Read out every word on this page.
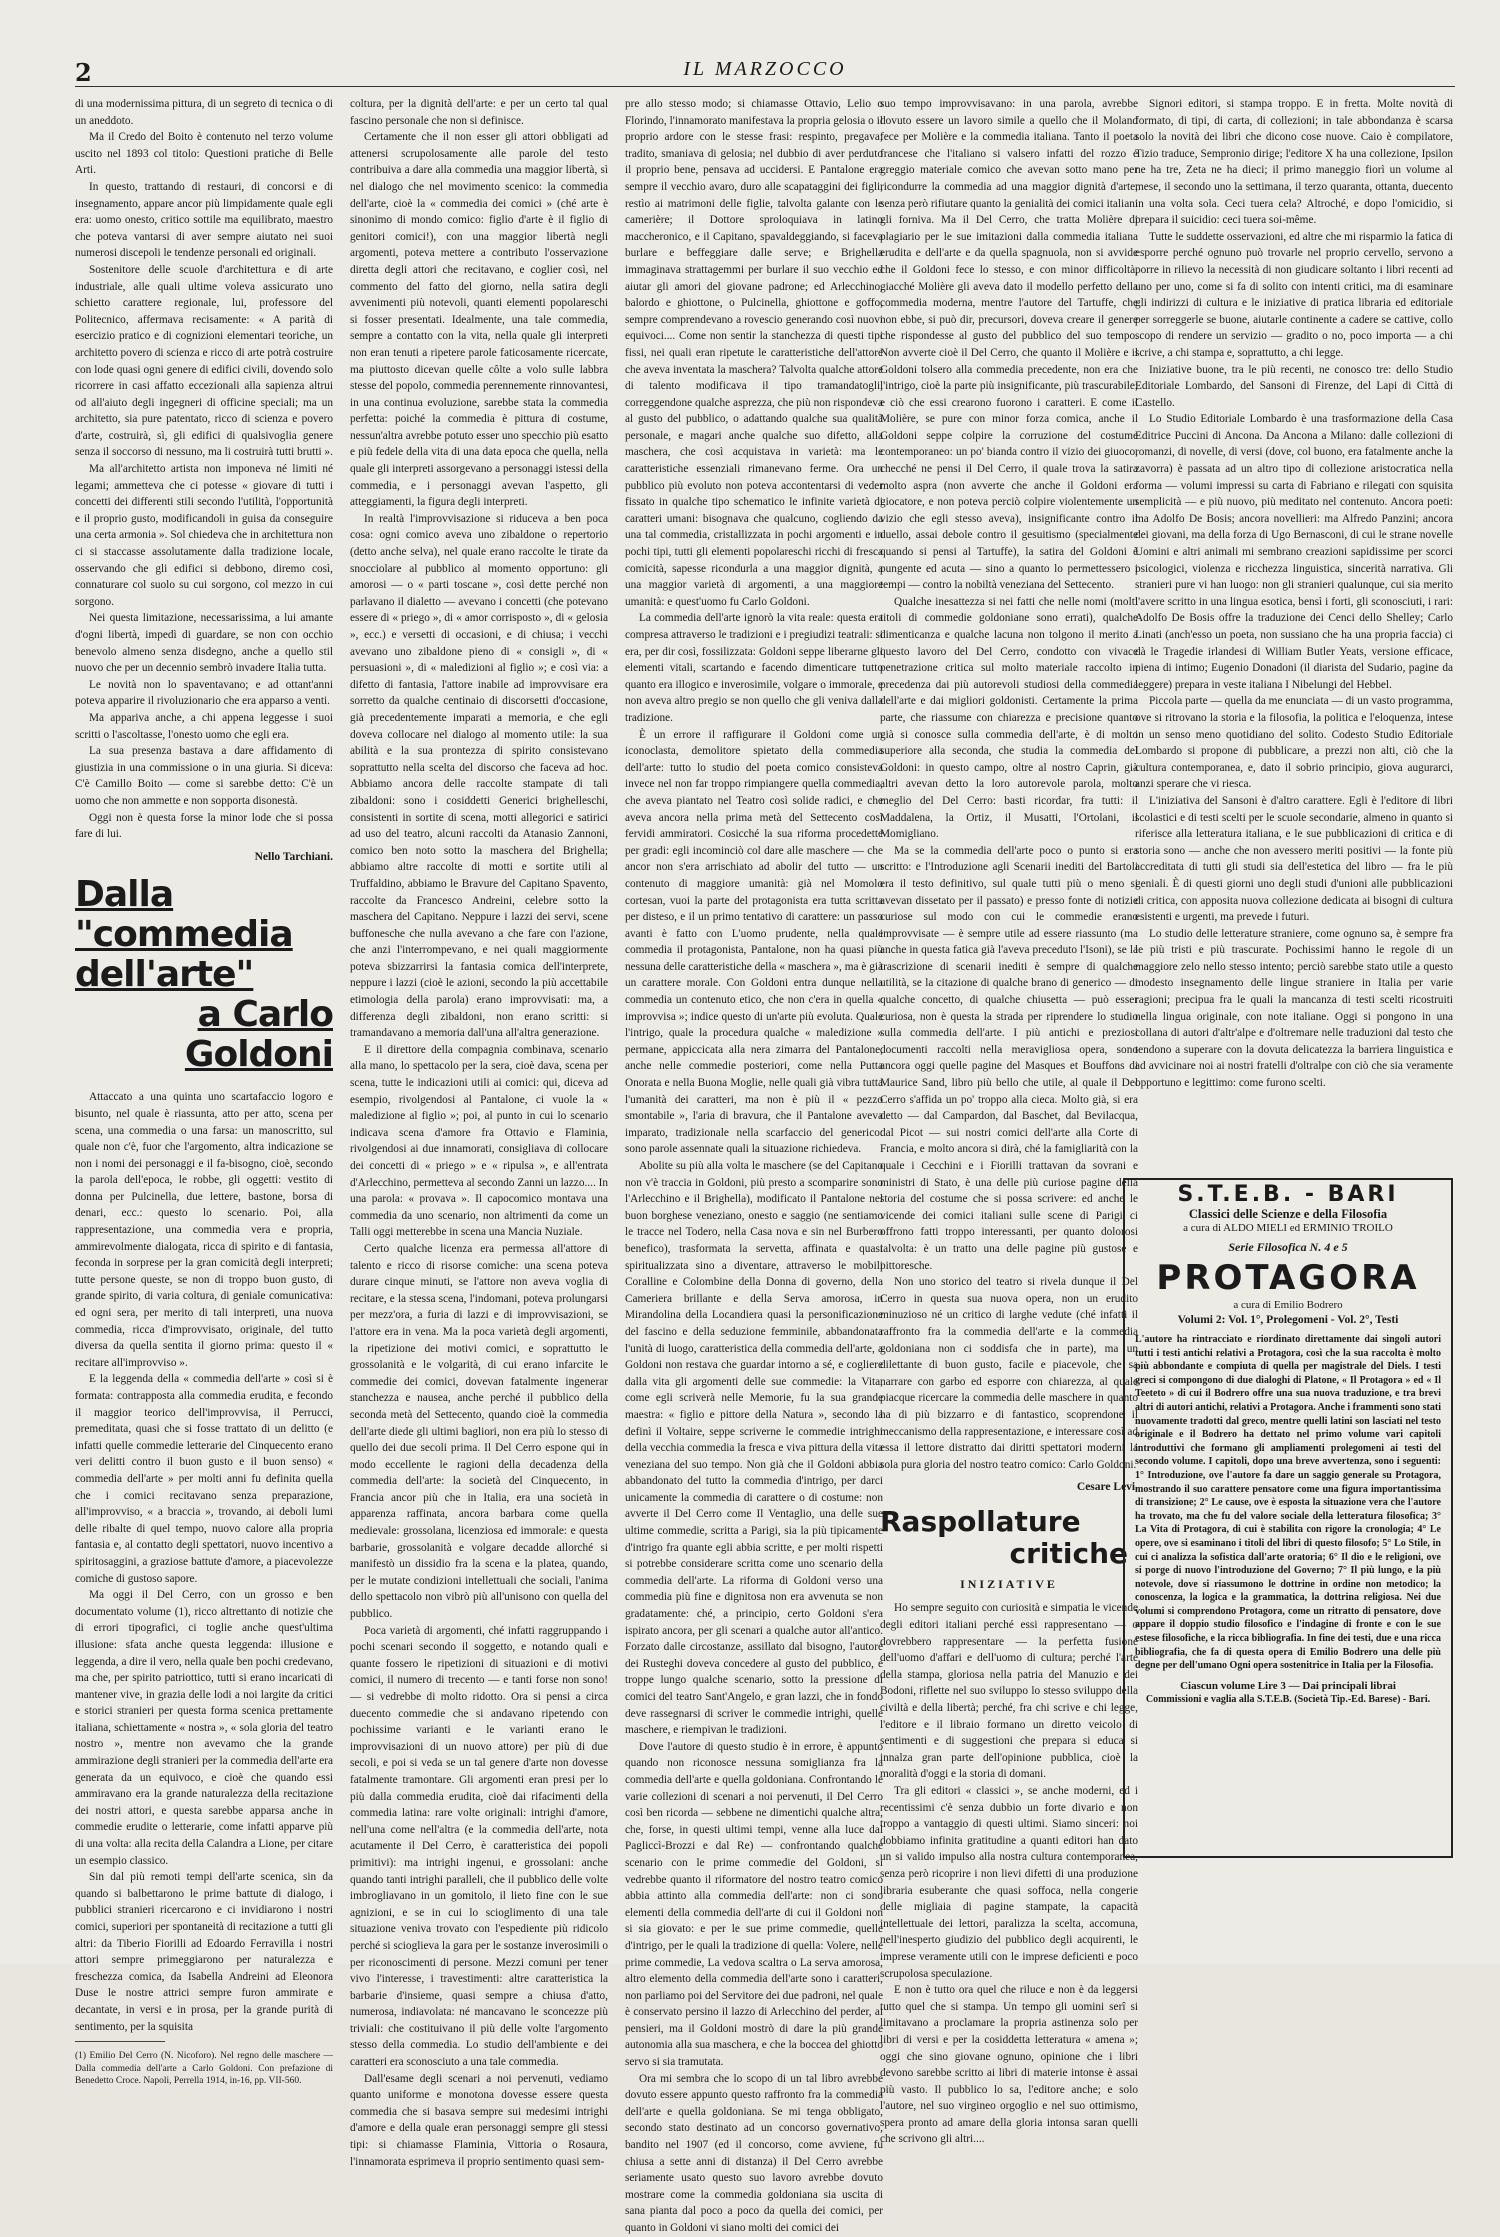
2	IL MARZOCCO

di una modernissima pittura, di un segreto di tecnica o di un aneddoto.

Ma il Credo del Boito è contenuto nel terzo volume uscito nel 1893 col titolo: Questioni pratiche di Belle Arti.

In questo, trattando di restauri, di concorsi e di insegnamento, appare ancor più limpidamente quale egli era: uomo onesto, critico sottile ma equilibrato, maestro che poteva vantarsi di aver sempre aiutato nei suoi numerosi discepoli le tendenze personali ed originali.

Sostenitore delle scuole d'architettura e di arte industriale, alle quali ultime voleva assicurato uno schietto carattere regionale, lui, professore del Politecnico, affermava recisamente: « A parità di esercizio pratico e di cognizioni elementari teoriche, un architetto povero di scienza e ricco di arte potrà costruire con lode quasi ogni genere di edifici civili, dovendo solo ricorrere in casi affatto eccezionali alla sapienza altrui od all'aiuto degli ingegneri di officine speciali; ma un architetto, sia pure patentato, ricco di scienza e povero d'arte, costruirà, sì, gli edifici di qualsivoglia genere senza il soccorso di nessuno, ma li costruirà tutti brutti ».

Ma all'architetto artista non imponeva né limiti né legami; ammetteva che ci potesse « giovare di tutti i concetti dei differenti stili secondo l'utilità, l'opportunità e il proprio gusto, modificandoli in guisa da conseguire una certa armonia ». Sol chiedeva che in architettura non ci si staccasse assolutamente dalla tradizione locale, osservando che gli edifici si debbono, diremo così, connaturare col suolo su cui sorgono, col mezzo in cui sorgono.

Nei questa limitazione, necessarissima, a lui amante d'ogni libertà, impedì di guardare, se non con occhio benevolo almeno senza disdegno, anche a quello stil nuovo che per un decennio sembrò invadere Italia tutta.

Le novità non lo spaventavano; e ad ottant'anni poteva apparire il rivoluzionario che era apparso a venti.

Ma appariva anche, a chi appena leggesse i suoi scritti o l'ascoltasse, l'onesto uomo che egli era.

La sua presenza bastava a dare affidamento di giustizia in una commissione o in una giuria. Si diceva: C'è Camillo Boito — come si sarebbe detto: C'è un uomo che non ammette e non sopporta disonestà.

Oggi non è questa forse la minor lode che si possa fare di lui.

Nello Tarchiani.
Dalla "commedia dell'arte"
a Carlo Goldoni

Attaccato a una quinta uno scartafaccio logoro e bisunto, nel quale è riassunta, atto per atto, scena per scena, una commedia o una farsa: un manoscritto, sul quale non c'è, fuor che l'argomento, altra indicazione se non i nomi dei personaggi e il fa-bisogno, cioè, secondo la parola dell'epoca, le robbe, gli oggetti: vestito di donna per Pulcinella, due lettere, bastone, borsa di denari, ecc.: questo lo scenario. Poi, alla rappresentazione, una commedia vera e propria, ammirevolmente dialogata, ricca di spirito e di fantasia, feconda in sorprese per la gran comicità degli interpreti; tutte persone queste, se non di troppo buon gusto, di grande spirito, di varia coltura, di geniale comunicativa: ed ogni sera, per merito di tali interpreti, una nuova commedia, ricca d'improvvisato, originale, del tutto diversa da quella sentita il giorno prima: questo il « recitare all'improvviso ».

E la leggenda della « commedia dell'arte » così si è formata: contrapposta alla commedia erudita, e fecondo il maggior teorico dell'improvvisa, il Perrucci, premeditata, quasi che si fosse trattato di un delitto (e infatti quelle commedie letterarie del Cinquecento erano veri delitti contro il buon gusto e il buon senso) « commedia dell'arte » per molti anni fu definita quella che i comici recitavano senza preparazione, all'improvviso, « a braccia », trovando, ai deboli lumi delle ribalte di quel tempo, nuovo calore alla propria fantasia e, al contatto degli spettatori, nuovo incentivo a spiritosaggini, a graziose battute d'amore, a piacevolezze comiche di gustoso sapore.

Ma oggi il Del Cerro, con un grosso e ben documentato volume (1), ricco altrettanto di notizie che di errori tipografici, ci toglie anche quest'ultima illusione: sfata anche questa leggenda: illusione e leggenda, a dire il vero, nella quale ben pochi credevano, ma che, per spirito patriottico, tutti si erano incaricati di mantener vive, in grazia delle lodi a noi largite da critici e storici stranieri per questa forma scenica prettamente italiana, schiettamente « nostra », « sola gloria del teatro nostro », mentre non avevamo che la grande ammirazione degli stranieri per la commedia dell'arte era generata da un equivoco, e cioè che quando essi ammiravano era la grande naturalezza della recitazione dei nostri attori, e questa sarebbe apparsa anche in commedie erudite o letterarie, come infatti apparve più di una volta: alla recita della Calandra a Lione, per citare un esempio classico.

Sin dal più remoti tempi dell'arte scenica, sin da quando si balbettarono le prime battute di dialogo, i pubblici stranieri ricercarono e ci invidiarono i nostri comici, superiori per spontaneità di recitazione a tutti gli altri: da Tiberio Fiorilli ad Edoardo Ferravilla i nostri attori sempre primeggiarono per naturalezza e freschezza comica, da Isabella Andreini ad Eleonora Duse le nostre attrici sempre furon ammirate e decantate, in versi e in prosa, per la grande purità di sentimento, per la squisita

(1) Emilio Del Cerro (N. Nicoforo). Nel regno delle maschere — Dalla commedia dell'arte a Carlo Goldoni. Con prefazione di Benedetto Croce. Napoli, Perrella 1914, in-16, pp. VII-560.

coltura, per la dignità dell'arte: e per un certo tal qual fascino personale che non si definisce.

Certamente che il non esser gli attori obbligati ad attenersi scrupolosamente alle parole del testo contribuiva a dare alla commedia una maggior libertà, sì nel dialogo che nel movimento scenico: la commedia dell'arte, cioè la « commedia dei comici » (ché arte è sinonimo di mondo comico: figlio d'arte è il figlio di genitori comici!), con una maggior libertà negli argomenti, poteva mettere a contributo l'osservazione diretta degli attori che recitavano, e coglier così, nel commento del fatto del giorno, nella satira degli avvenimenti più notevoli, quanti elementi popolareschi si fosser presentati. Idealmente, una tale commedia, sempre a contatto con la vita, nella quale gli interpreti non eran tenuti a ripetere parole faticosamente ricercate, ma piuttosto dicevan quelle côlte a volo sulle labbra stesse del popolo, commedia perennemente rinnovantesi, in una continua evoluzione, sarebbe stata la commedia perfetta: poiché la commedia è pittura di costume, nessun'altra avrebbe potuto esser uno specchio più esatto e più fedele della vita di una data epoca che quella, nella quale gli interpreti assorgevano a personaggi istessi della commedia, e i personaggi avevan l'aspetto, gli atteggiamenti, la figura degli interpreti.

In realtà l'improvvisazione si riduceva a ben poca cosa: ogni comico aveva uno zibaldone o repertorio (detto anche selva), nel quale erano raccolte le tirate da snocciolare al pubblico al momento opportuno: gli amorosi — o « parti toscane », così dette perché non parlavano il dialetto — avevano i concetti (che potevano essere di « priego », di « amor corrisposto », di « gelosia », ecc.) e versetti di occasioni, e di chiusa; i vecchi avevano uno zibaldone pieno di « consigli », di « persuasioni », di « maledizioni al figlio »; e così via: a difetto di fantasia, l'attore inabile ad improvvisare era sorretto da qualche centinaio di discorsetti d'occasione, già precedentemente imparati a memoria, e che egli doveva collocare nel dialogo al momento utile: la sua abilità e la sua prontezza di spirito consistevano soprattutto nella scelta del discorso che faceva ad hoc. Abbiamo ancora delle raccolte stampate di tali zibaldoni: sono i cosiddetti Generici brighelleschi, consistenti in sortite di scena, motti allegorici e satirici ad uso del teatro, alcuni raccolti da Atanasio Zannoni, comico ben noto sotto la maschera del Brighella; abbiamo altre raccolte di motti e sortite utili al Truffaldino, abbiamo le Bravure del Capitano Spavento, raccolte da Francesco Andreini, celebre sotto la maschera del Capitano. Neppure i lazzi dei servi, scene buffonesche che nulla avevano a che fare con l'azione, che anzi l'interrompevano, e nei quali maggiormente poteva sbizzarrirsi la fantasia comica dell'interprete, neppure i lazzi (cioè le azioni, secondo la più accettabile etimologia della parola) erano improvvisati: ma, a differenza degli zibaldoni, non erano scritti: si tramandavano a memoria dall'una all'altra generazione.

E il direttore della compagnia combinava, scenario alla mano, lo spettacolo per la sera, cioè dava, scena per scena, tutte le indicazioni utili ai comici: qui, diceva ad esempio, rivolgendosi al Pantalone, ci vuole la « maledizione al figlio »; poi, al punto in cui lo scenario indicava scena d'amore fra Ottavio e Flaminia, rivolgendosi ai due innamorati, consigliava di collocare dei concetti di « priego » e « ripulsa », e all'entrata d'Arlecchino, permetteva al secondo Zanni un lazzo.... In una parola: « provava ». Il capocomico montava una commedia da uno scenario, non altrimenti da come un Talli oggi metterebbe in scena una Mancia Nuziale.

Certo qualche licenza era permessa all'attore di talento e ricco di risorse comiche: una scena poteva durare cinque minuti, se l'attore non aveva voglia di recitare, e la stessa scena, l'indomani, poteva prolungarsi per mezz'ora, a furia di lazzi e di improvvisazioni, se l'attore era in vena. Ma la poca varietà degli argomenti, la ripetizione dei motivi comici, e soprattutto le grossolanità e le volgarità, di cui erano infarcite le commedie dei comici, dovevan fatalmente ingenerar stanchezza e nausea, anche perché il pubblico della seconda metà del Settecento, quando cioè la commedia dell'arte diede gli ultimi bagliori, non era più lo stesso di quello dei due secoli prima. Il Del Cerro espone qui in modo eccellente le ragioni della decadenza della commedia dell'arte: la società del Cinquecento, in Francia ancor più che in Italia, era una società in apparenza raffinata, ancora barbara come quella medievale: grossolana, licenziosa ed immorale: e questa barbarie, grossolanità e volgare decadde allorché si manifestò un dissidio fra la scena e la platea, quando, per le mutate condizioni intellettuali che sociali, l'anima dello spettacolo non vibrò più all'unisono con quella del pubblico.

Poca varietà di argomenti, ché infatti raggruppando i pochi scenari secondo il soggetto, e notando quali e quante fossero le ripetizioni di situazioni e di motivi comici, il numero di trecento — e tanti forse non sono! — si vedrebbe di molto ridotto. Ora si pensi a circa duecento commedie che si andavano ripetendo con pochissime varianti e le varianti erano le improvvisazioni di un nuovo attore) per più di due secoli, e poi si veda se un tal genere d'arte non dovesse fatalmente tramontare. Gli argomenti eran presi per lo più dalla commedia erudita, cioè dai rifacimenti della commedia latina: rare volte originali: intrighi d'amore, nell'una come nell'altra (e la commedia dell'arte, nota acutamente il Del Cerro, è caratteristica dei popoli primitivi): ma intrighi ingenui, e grossolani: anche quando tanti intrighi paralleli, che il pubblico delle volte imbrogliavano in un gomitolo, il lieto fine con le sue agnizioni, e se in cui lo scioglimento di una tale situazione veniva trovato con l'espediente più ridicolo perché si scioglieva la gara per le sostanze inverosimili o per riconoscimenti di persone. Mezzi comuni per tener vivo l'interesse, i travestimenti: altre caratteristica la barbarie d'insieme, quasi sempre a chiusa d'atto, numerosa, indiavolata: né mancavano le sconcezze più triviali: che costituivano il più delle volte l'argomento stesso della commedia. Lo studio dell'ambiente e dei caratteri era sconosciuto a una tale commedia.

Dall'esame degli scenari a noi pervenuti, vediamo quanto uniforme e monotona dovesse essere questa commedia che si basava sempre sui medesimi intrighi d'amore e della quale eran personaggi sempre gli stessi tipi: si chiamasse Flaminia, Vittoria o Rosaura, l'innamorata esprimeva il proprio sentimento quasi sem-

pre allo stesso modo; si chiamasse Ottavio, Lelio o Florindo, l'innamorato manifestava la propria gelosia o il proprio ardore con le stesse frasi: respinto, pregava; tradito, smaniava di gelosia; nel dubbio di aver perduto il proprio bene, pensava ad uccidersi. E Pantalone era sempre il vecchio avaro, duro alle scapataggini dei figli, restìo ai matrimoni delle figlie, talvolta galante con le camerière; il Dottore sproloquiava in latino maccheronico, e il Capitano, spavaldeggiando, si faceva burlare e beffeggiare dalle serve; e Brighella immaginava strattagemmi per burlare il suo vecchio ed aiutar gli amori del giovane padrone; ed Arlecchino, balordo e ghiottone, o Pulcinella, ghiottone e goffo, sempre comprendevano a rovescio generando così nuovi equivoci.... Come non sentir la stanchezza di questi tipi fissi, nei quali eran ripetute le caratteristiche dell'attore che aveva inventata la maschera? Talvolta qualche attore di talento modificava il tipo tramandatogli, correggendone qualche asprezza, che più non rispondeva al gusto del pubblico, o adattando qualche sua qualità personale, e magari anche qualche suo difetto, alla maschera, che così acquistava in varietà: ma le caratteristiche essenziali rimanevano ferme. Ora un pubblico più evoluto non poteva accontentarsi di veder fissato in qualche tipo schematico le infinite varietà di caratteri umani: bisognava che qualcuno, cogliendo da una tal commedia, cristallizzata in pochi argomenti e in pochi tipi, tutti gli elementi popolareschi ricchi di fresca comicità, sapesse ricondurla a una maggior dignità, a una maggior varietà di argomenti, a una maggiore umanità: e quest'uomo fu Carlo Goldoni.

La commedia dell'arte ignorò la vita reale: questa era compresa attraverso le tradizioni e i pregiudizi teatrali: si era, per dir così, fossilizzata: Goldoni seppe liberarne gli elementi vitali, scartando e facendo dimenticare tutto quanto era illogico e inverosimile, volgare o immorale, e non aveva altro pregio se non quello che gli veniva dalla tradizione.

È un errore il raffigurare il Goldoni come un iconoclasta, demolitore spietato della commedia dell'arte: tutto lo studio del poeta comico consisteva invece nel non far troppo rimpiangere quella commedia, che aveva piantato nel Teatro così solide radici, e che aveva ancora nella prima metà del Settecento così fervidi ammiratori. Cosicché la sua riforma procedette per gradi: egli incominciò col dare alle maschere — che ancor non s'era arrischiato ad abolir del tutto — un contenuto di maggiore umanità: già nel Momolo cortesan, vuoi la parte del protagonista era tutta scritta per disteso, e il un primo tentativo di carattere: un passo avanti è fatto con L'uomo prudente, nella quale commedia il protagonista, Pantalone, non ha quasi più nessuna delle caratteristiche della « maschera », ma è già un carattere morale. Con Goldoni entra dunque nella commedia un contenuto etico, che non c'era in quella « improvvisa »; indice questo di un'arte più evoluta. Quale l'intrigo, quale la procedura qualche « maledizione » permane, appiccicata alla nera zimarra del Pantalone, anche nelle commedie posteriori, come nella Putta Onorata e nella Buona Moglie, nelle quali già vibra tutta l'umanità dei caratteri, ma non è più il « pezzo smontabile », l'aria di bravura, che il Pantalone aveva imparato, tradizionale nella scarfaccio del generico: sono parole assennate quali la situazione richiedeva.

Abolite su più alla volta le maschere (se del Capitano non v'è traccia in Goldoni, più presto a scomparire sono l'Arlecchino e il Brighella), modificato il Pantalone nel buon borghese veneziano, onesto e saggio (ne sentiamo le tracce nel Todero, nella Casa nova e sin nel Burbero benefico), trasformata la servetta, affinata e quasi spiritualizzata sino a diventare, attraverso le mobili Coralline e Colombine della Donna di governo, della Cameriera brillante e della Serva amorosa, in Mirandolina della Locandiera quasi la personificazione del fascino e della seduzione femminile, abbandonata l'unità di luogo, caratteristica della commedia dell'arte, a Goldoni non restava che guardar intorno a sé, e cogliere dalla vita gli argomenti delle sue commedie: la Vita, come egli scriverà nelle Memorie, fu la sua grande maestra: « figlio e pittore della Natura », secondo la definì il Voltaire, seppe scriverne le commedie intrighi della vecchia commedia la fresca e viva pittura della vita veneziana del suo tempo. Non già che il Goldoni abbia abbandonato del tutto la commedia d'intrigo, per darci unicamente la commedia di carattere o di costume: non avverte il Del Cerro come Il Ventaglio, una delle sue ultime commedie, scritta a Parigi, sia la più tipicamente d'intrigo fra quante egli abbia scritte, e per molti rispetti si potrebbe considerare scritta come uno scenario della commedia dell'arte. La riforma di Goldoni verso una commedia più fine e dignitosa non era avvenuta se non gradatamente: ché, a principio, certo Goldoni s'era ispirato ancora, per gli scenari a qualche autor all'antico. Forzato dalle circostanze, assillato dal bisogno, l'autore dei Rusteghi doveva concedere al gusto del pubblico, e troppe lungo qualche scenario, sotto la pressione di comici del teatro Sant'Angelo, e gran lazzi, che in fondo deve rassegnarsi di scriver le commedie intrighi, quelle maschere, e riempivan le tradizioni.

Dove l'autore di questo studio è in errore, è appunto quando non riconosce nessuna somiglianza fra la commedia dell'arte e quella goldoniana. Confrontando le varie collezioni di scenari a noi pervenuti, il Del Cerro così ben ricorda — sebbene ne dimentichi qualche altra, che, forse, in questi ultimi tempi, venne alla luce dal Pagliccì-Brozzi e dal Re) — confrontando qualche scenario con le prime commedie del Goldoni, si vedrebbe quanto il riformatore del nostro teatro comico abbia attinto alla commedia dell'arte: non ci sono elementi della commedia dell'arte di cui il Goldoni non si sia giovato: e per le sue prime commedie, quelle d'intrigo, per le quali la tradizione di quella: Volere, nelle prime commedie, La vedova scaltra o La serva amorosa, altro elemento della commedia dell'arte sono i caratteri, non parliamo poi del Servitore dei due padroni, nel quale è conservato persino il lazzo di Arlecchino del perder, ai pensieri, ma il Goldoni mostrò di dare la più grande autonomia alla sua maschera, e che la boccea del ghiotto servo si sia tramutata.

Ora mi sembra che lo scopo di un tal libro avrebbe dovuto essere appunto questo raffronto fra la commedia dell'arte e quella goldoniana. Se mi tenga obbligato, secondo stato destinato ad un concorso governativo, bandito nel 1907 (ed il concorso, come avviene, fu chiusa a sette anni di distanza) il Del Cerro avrebbe seriamente usato questo suo lavoro avrebbe dovuto mostrare come la commedia goldoniana sia uscita di sana pianta dal poco a poco da quella dei comici, per quanto in Goldoni vi siano molti dei comici dei

suo tempo improvvisavano: in una parola, avrebbe dovuto essere un lavoro simile a quello che il Moland fece per Molière e la commedia italiana. Tanto il poeta francese che l'italiano si valsero infatti del rozzo e greggio materiale comico che avevan sotto mano per ricondurre la commedia ad una maggior dignità d'arte, senza però rifiutare quanto la genialità dei comici italiani gli forniva. Ma il Del Cerro, che tratta Molière di plagiario per le sue imitazioni dalla commedia italiana erudita e dell'arte e da quella spagnuola, non si avvide che il Goldoni fece lo stesso, e con minor difficoltà, giacché Molière gli aveva dato il modello perfetto della commedia moderna, mentre l'autore del Tartuffe, che non ebbe, si può dir, precursori, doveva creare il genere che rispondesse al gusto del pubblico del suo tempo. Non avverte cioè il Del Cerro, che quanto il Molière e il Goldoni tolsero alla commedia precedente, non era che l'intrigo, cioè la parte più insignificante, più trascurabile; e ciò che essi crearono fuorono i caratteri. E come il Molière, se pure con minor forza comica, anche il Goldoni seppe colpire la corruzione del costume contemporaneo: un po' bianda contro il vizio dei giuoco, checché ne pensi il Del Cerro, il quale trova la satira molto aspra (non avverte che anche il Goldoni era giocatore, e non poteva perciò colpire violentemente un vizio che egli stesso aveva), insignificante contro il duello, assai debole contro il gesuitismo (specialmente quando si pensi al Tartuffe), la satira del Goldoni è pungente ed acuta — sino a quanto lo permettessero i tempi — contro la nobiltà veneziana del Settecento.

Qualche inesattezza si nei fatti che nelle nomi (molti titoli di commedie goldoniane sono errati), qualche dimenticanza e qualche lacuna non tolgono il merito a questo lavoro del Del Cerro, condotto con vivace penetrazione critica sul molto materiale raccolto in precedenza dai più autorevoli studiosi della commedia dell'arte e dai migliori goldonisti. Certamente la prima parte, che riassume con chiarezza e precisione quanto già si conosce sulla commedia dell'arte, è di molto superiore alla seconda, che studia la commedia del Goldoni: in questo campo, oltre al nostro Caprin, già altri avevan detto la loro autorevole parola, molto meglio del Del Cerro: basti ricordar, fra tutti: il Maddalena, la Ortiz, il Musatti, l'Ortolani, il Momigliano.

Ma se la commedia dell'arte poco o punto si era scritto: e l'Introduzione agli Scenarii inediti del Bartoli era il testo definitivo, sul quale tutti più o meno si avevan dissetato per il passato) e presso fonte di notizie curiose sul modo con cui le commedie erano improvvisate — è sempre utile ad essere riassunto (ma anche in questa fatica già l'aveva preceduto l'Isoni), se la trascrizione di scenarii inediti è sempre di qualche utilità, se la citazione di qualche brano di generico — di qualche concetto, di qualche chiusetta — può esser curiosa, non è questa la strada per riprendere lo studio sulla commedia dell'arte. I più antichi e preziosi documenti raccolti nella meravigliosa opera, sono ancora oggi quelle pagine del Masques et Bouffons di Maurice Sand, libro più bello che utile, al quale il Del Cerro s'affida un po' troppo alla cieca. Molto già, si era detto — dal Campardon, dal Baschet, dal Bevilacqua, dal Picot — sui nostri comici dell'arte alla Corte di Francia, e molto ancora si dirà, ché la famigliarità con la quale i Cecchini e i Fiorilli trattavan da sovrani e ministri di Stato, è una delle più curiose pagine della storia del costume che si possa scrivere: ed anche le vicende dei comici italiani sulle scene di Parigi ci offrono fatti troppo interessanti, per quanto dolorosi talvolta: è un tratto una delle pagine più gustose e pittoresche.

Non uno storico del teatro si rivela dunque il Del Cerro in questa sua nuova opera, non un erudito minuzioso né un critico di larghe vedute (ché infatti il raffronto fra la commedia dell'arte e la commedia goldoniana non ci soddisfa che in parte), ma un dilettante di buon gusto, facile e piacevole, che sa narrare con garbo ed esporre con chiarezza, al quale piacque ricercare la commedia delle maschere in quanto ha di più bizzarro e di fantastico, scoprendone il meccanismo della rappresentazione, e interessare così ad essa il lettore distratto dai diritti spettatori moderni la sola pura gloria del nostro teatro comico: Carlo Goldoni.

Cesare Levi.
Raspollature
critiche
INIZIATIVE

Ho sempre seguito con curiosità e simpatia le vicende degli editori italiani perché essi rappresentano — o dovrebbero rappresentare — la perfetta fusione dell'uomo d'affari e dell'uomo di cultura; perché l'arte della stampa, gloriosa nella patria del Manuzio e dei Bodoni, riflette nel suo sviluppo lo stesso sviluppo della civiltà e della libertà; perché, fra chi scrive e chi legge, l'editore e il libraio formano un diretto veicolo di sentimenti e di suggestioni che prepara si educa si innalza gran parte dell'opinione pubblica, cioè la moralità d'oggi e la storia di domani.

Tra gli editori « classici », se anche moderni, ed i recentissimi c'è senza dubbio un forte divario e non troppo a vantaggio di questi ultimi. Siamo sinceri: noi dobbiamo infinita gratitudine a quanti editori han dato un si valido impulso alla nostra cultura contemporanea, senza però ricoprire i non lievi difetti di una produzione libraria esuberante che quasi soffoca, nella congerie delle migliaia di pagine stampate, la capacità intellettuale dei lettori, paralizza la scelta, accomuna, nell'inesperto giudizio del pubblico degli acquirenti, le imprese veramente utili con le imprese deficienti e poco scrupolosa speculazione.

E non è tutto ora quel che riluce e non è da leggersi tutto quel che si stampa. Un tempo gli uomini serî si limitavano a proclamare la propria astinenza solo per libri di versi e per la cosiddetta letteratura « amena »; oggi che sino giovane ognuno, opinione che i libri devono sarebbe scritto ai libri di materie intonse è assai più vasto. Il pubblico lo sa, l'editore anche; e solo l'autore, nel suo virgineo orgoglio e nel suo ottimismo, spera pronto ad amare della gloria intonsa saran quelli che scrivono gli altri....

Signori editori, si stampa troppo. E in fretta. Molte novità di formato, di tipi, di carta, di collezioni; in tale abbondanza è scarsa solo la novità dei libri che dicono cose nuove. Caio è compilatore, Tizio traduce, Sempronio dirige; l'editore X ha una collezione, Ipsilon ne ha tre, Zeta ne ha dieci; il primo maneggio fiorì un volume al mese, il secondo uno la settimana, il terzo quaranta, ottanta, duecento in una volta sola. Ceci tuera cela? Altroché, e dopo l'omicidio, si prepara il suicidio: ceci tuera soi-même.

Tutte le suddette osservazioni, ed altre che mi risparmio la fatica di esporre perché ognuno può trovarle nel proprio cervello, servono a porre in rilievo la necessità di non giudicare soltanto i libri recenti ad uno per uno, come si fa di solito con intenti critici, ma di esaminare gli indirizzi di cultura e le iniziative di pratica libraria ed editoriale per sorreggerle se buone, aiutarle continente a cadere se cattive, collo scopo di rendere un servizio — gradito o no, poco importa — a chi scrive, a chi stampa e, soprattutto, a chi legge.

Iniziative buone, tra le più recenti, ne conosco tre: dello Studio Editoriale Lombardo, del Sansoni di Firenze, del Lapi di Città di Castello.

Lo Studio Editoriale Lombardo è una trasformazione della Casa Editrice Puccini di Ancona. Da Ancona a Milano: dalle collezioni di romanzi, di novelle, di versi (dove, col buono, era fatalmente anche la zavorra) è passata ad un altro tipo di collezione aristocratica nella forma — volumi impressi su carta di Fabriano e rilegati con squisita semplicità — e più nuovo, più meditato nel contenuto. Ancora poeti: ma Adolfo De Bosis; ancora novellieri: ma Alfredo Panzini; ancora dei giovani, ma della forza di Ugo Bernasconi, di cui le strane novelle Uomini e altri animali mi sembrano creazioni sapidissime per scorci psicologici, violenza e ricchezza linguistica, sincerità narrativa. Gli stranieri pure vi han luogo: non gli stranieri qualunque, cui sia merito l'avere scritto in una lingua esotica, bensì i forti, gli sconosciuti, i rari: Adolfo De Bosis offre la traduzione dei Cenci dello Shelley; Carlo Linati (anch'esso un poeta, non sussiano che ha una propria faccia) ci dà le Tragedie irlandesi di William Butler Yeats, versione efficace, piena di intimo; Eugenio Donadoni (il diarista del Sudario, pagine da leggere) prepara in veste italiana I Nibelungi del Hebbel.

Piccola parte — quella da me enunciata — di un vasto programma, ove si ritrovano la storia e la filosofia, la politica e l'eloquenza, intese in un senso meno quotidiano del solito. Codesto Studio Editoriale Lombardo si propone di pubblicare, a prezzi non alti, ciò che la cultura contemporanea, e, dato il sobrio principio, giova augurarci, anzi sperare che vi riesca.

L'iniziativa del Sansoni è d'altro carattere. Egli è l'editore di libri scolastici e di testi scelti per le scuole secondarie, almeno in quanto si riferisce alla letteratura italiana, e le sue pubblicazioni di critica e di storia sono — anche che non avessero meriti positivi — la fonte più accreditata di tutti gli studi sia dell'estetica del libro — fra le più geniali. È di questi giorni uno degli studi d'unioni alle pubblicazioni di critica, con apposita nuova collezione dedicata ai bisogni di cultura esistenti e urgenti, ma prevede i futuri.

Lo studio delle letterature straniere, come ognuno sa, è sempre fra le più tristi e più trascurate. Pochissimi hanno le regole di un maggiore zelo nello stesso intento; perciò sarebbe stato utile a questo modesto insegnamento delle lingue straniere in Italia per varie ragioni; precipua fra le quali la mancanza di testi scelti ricostruiti nella lingua originale, con note italiane. Oggi si pongono in una collana di autori d'altr'alpe e d'oltremare nelle traduzioni dal testo che tendono a superare con la dovuta delicatezza la barriera linguistica e ad avvicinare noi ai nostri fratelli d'oltralpe con ciò che sia veramente opportuno e legittimo: come furono scelti.

S.T.E.B. - BARI
Classici delle Scienze e della Filosofia
a cura di ALDO MIELI ed ERMINIO TROILO
Serie Filosofica N. 4 e 5
PROTAGORA
a cura di Emilio Bodrero
Volumi 2: Vol. 1°, Prolegomeni - Vol. 2°, Testi
L'autore ha rintracciato e riordinato direttamente dai singoli autori tutti i testi antichi relativi a Protagora, così che la sua raccolta è molto più abbondante e compiuta di quella per magistrale del Diels. I testi greci si compongono di due dialoghi di Platone, « Il Protagora » ed « Il Teeteto » di cui il Bodrero offre una sua nuova traduzione, e tra brevi altri di autori antichi, relativi a Protagora. Anche i frammenti sono stati nuovamente tradotti dal greco, mentre quelli latini son lasciati nel testo originale e il Bodrero ha dettato nel primo volume vari capitoli introduttivi che formano gli ampliamenti prolegomeni ai testi del secondo volume. I capitoli, dopo una breve avvertenza, sono i seguenti: 1° Introduzione, ove l'autore fa dare un saggio generale su Protagora, mostrando il suo carattere pensatore come una figura importantissima di transizione; 2° Le cause, ove è esposta la situazione vera che l'autore ha trovato, ma che fu del valore sociale della letteratura filosofica; 3° La Vita di Protagora, di cui è stabilita con rigore la cronologia; 4° Le opere, ove si esaminano i titoli del libri di questo filosofo; 5° Lo Stile, in cui ci analizza la sofistica dall'arte oratoria; 6° Il dio e le religioni, ove si porge di nuovo l'introduzione del Governo; 7° Il più lungo, e la più notevole, dove si riassumono le dottrine in ordine non metodico; la conoscenza, la logica e la grammatica, la dottrina religiosa. Nei due volumi si comprendono Protagora, come un ritratto di pensatore, dove appare il doppio studio filosofico e l'indagine di fronte e con le sue estese filosofiche, e la ricca bibliografia. In fine dei testi, due e una ricca bibliografia, che fa di questa opera di Emilio Bodrero una delle più degne per dell'umano Ogni opera sostenitrice in Italia per la Filosofia.
Ciascun volume Lire 3 — Dai principali librai
Commissioni e vaglia alla S.T.E.B. (Società Tip.-Ed. Barese) - Bari.
